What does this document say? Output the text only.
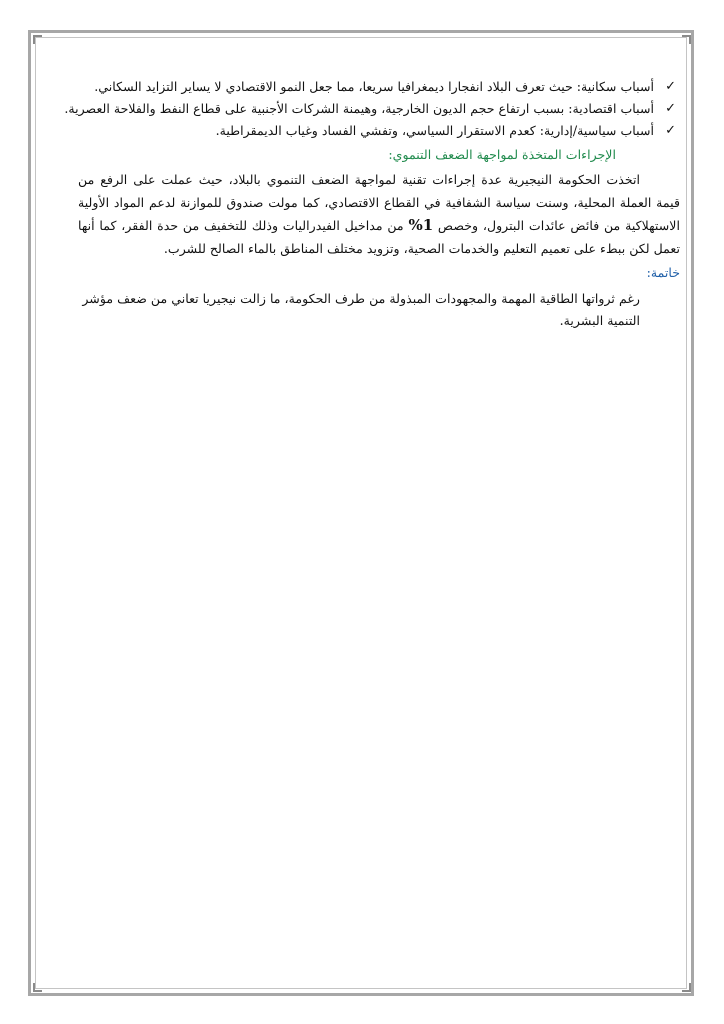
✓
أسباب سكانية: حيث تعرف البلاد انفجارا ديمغرافيا سريعا، مما جعل النمو الاقتصادي لا يساير التزايد السكاني.
✓
أسباب اقتصادية: بسبب ارتفاع حجم الديون الخارجية، وهيمنة الشركات الأجنبية على قطاع النفط والفلاحة العصرية.
✓
أسباب سياسية/إدارية: كعدم الاستقرار السياسي، وتفشي الفساد وغياب الديمقراطية.
الإجراءات المتخذة لمواجهة الضعف التنموي:
اتخذت الحكومة النيجيرية عدة إجراءات تقنية لمواجهة الضعف التنموي بالبلاد، حيث عملت على الرفع من قيمة العملة المحلية، وسنت سياسة الشفافية في القطاع الاقتصادي، كما مولت صندوق للموازنة لدعم المواد الأولية الاستهلاكية من فائض عائدات البترول، وخصص 1% من مداخيل الفيدراليات وذلك للتخفيف من حدة الفقر، كما أنها تعمل لكن ببطء على تعميم التعليم والخدمات الصحية، وتزويد مختلف المناطق بالماء الصالح للشرب.
خاتمة:
رغم ثرواتها الطاقية المهمة والمجهودات المبذولة من طرف الحكومة، ما زالت نيجيريا تعاني من ضعف مؤشر التنمية البشرية.
